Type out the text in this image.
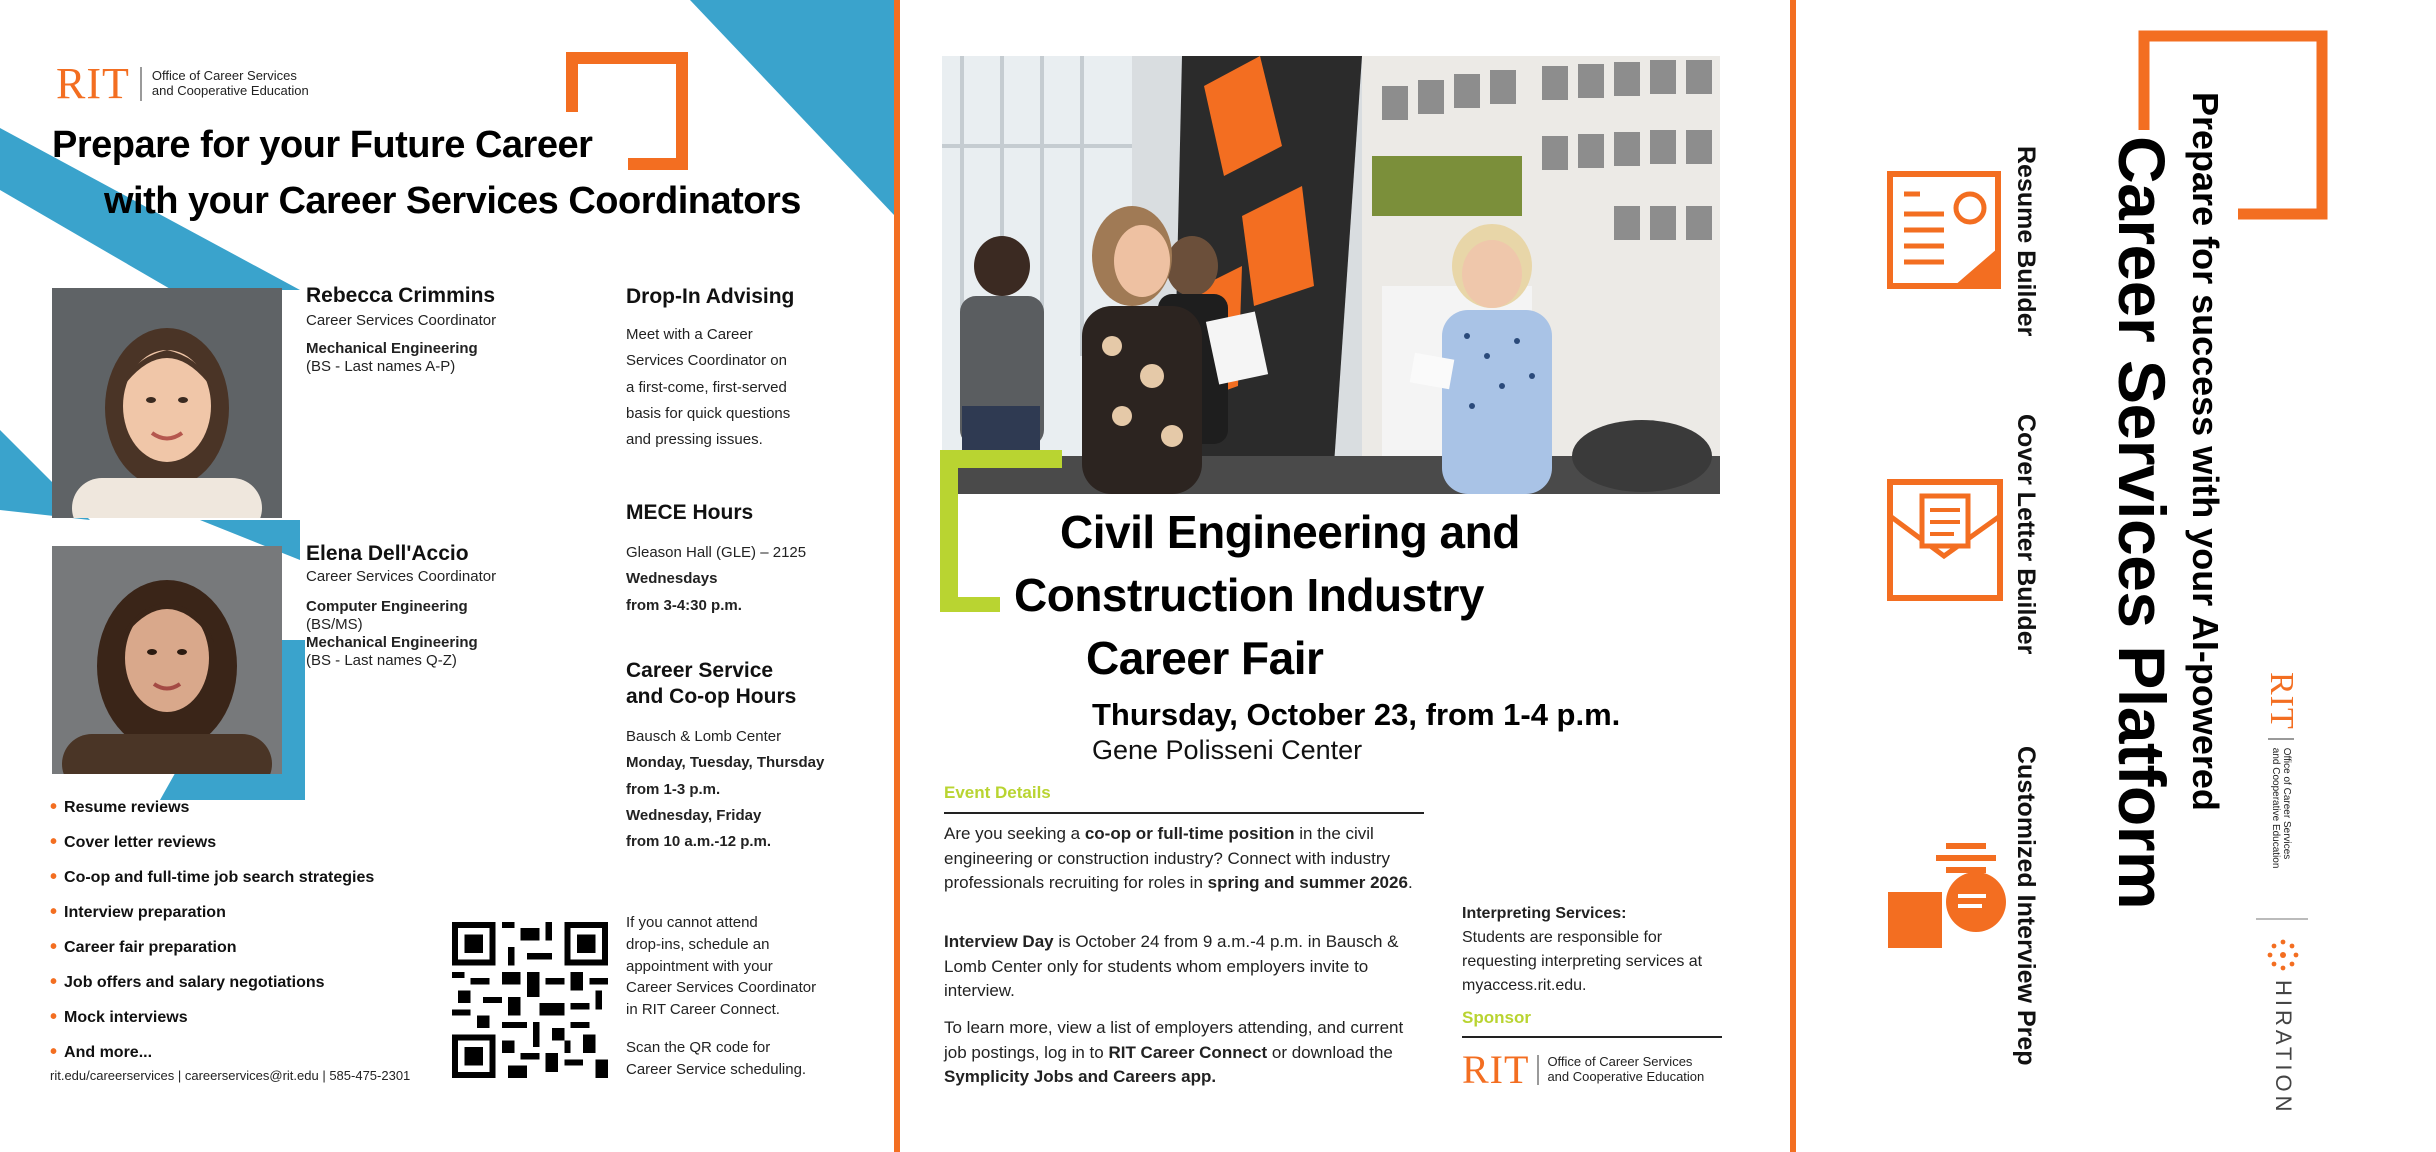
RIT Office of Career Services
and Cooperative Education
Prepare for your Future Career
with your Career Services Coordinators
Rebecca Crimmins
Career Services Coordinator
Mechanical Engineering
(BS - Last names A-P)
Elena Dell'Accio
Career Services Coordinator
Computer Engineering
(BS/MS)
Mechanical Engineering
(BS - Last names Q-Z)
Drop-In Advising
Meet with a Career
Services Coordinator on
a first-come, first-served
basis for quick questions
and pressing issues.
MECE Hours
Gleason Hall (GLE) – 2125
Wednesdays
from 3-4:30 p.m.
Career Service
and Co-op Hours
Bausch & Lomb Center
Monday, Tuesday, Thursday
from 1-3 p.m.
Wednesday, Friday
from 10 a.m.-12 p.m.
• Resume reviews
• Cover letter reviews
• Co-op and full-time job search strategies
• Interview preparation
• Career fair preparation
• Job offers and salary negotiations
• Mock interviews
• And more...
rit.edu/careerservices | careerservices@rit.edu | 585-475-2301
If you cannot attend
drop-ins, schedule an
appointment with your
Career Services Coordinator
in RIT Career Connect.

Scan the QR code for
Career Service scheduling.
Civil Engineering and
Construction Industry
Career Fair
Thursday, October 23, from 1-4 p.m.
Gene Polisseni Center
Event Details
Are you seeking a co-op or full-time position in the civil engineering or construction industry? Connect with industry professionals recruiting for roles in spring and summer 2026.
Interview Day is October 24 from 9 a.m.-4 p.m. in Bausch & Lomb Center only for students whom employers invite to interview.
To learn more, view a list of employers attending, and current job postings, log in to RIT Career Connect or download the Symplicity Jobs and Careers app.
Interpreting Services:
Students are responsible for requesting interpreting services at myaccess.rit.edu.
Sponsor
RIT Office of Career Services
and Cooperative Education
Prepare for success with your AI-powered
Career Services Platform
Resume Builder
Cover Letter Builder
Customized Interview Prep
RIT
Office of Career Services
and Cooperative Education
HIRATION
